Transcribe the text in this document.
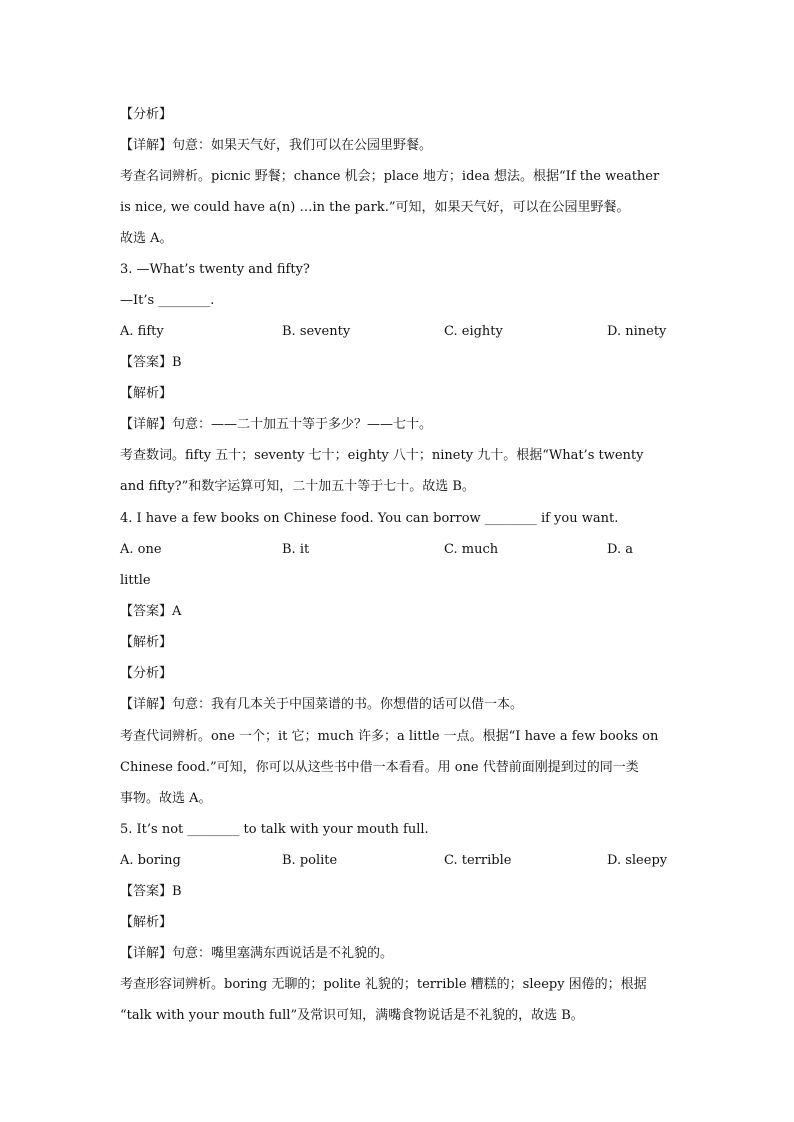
【分析】
【详解】句意：如果天气好，我们可以在公园里野餐。
考查名词辨析。picnic 野餐；chance 机会；place 地方；idea 想法。根据“If the weather
is nice, we could have a(n) …in the park.”可知，如果天气好，可以在公园里野餐。
故选 A。
3. —What’s twenty and fifty?
—It’s ________.
A. fifty	B. seventy	C. eighty	D. ninety
【答案】B
【解析】
【详解】句意：——二十加五十等于多少？——七十。
考查数词。fifty 五十；seventy 七十；eighty 八十；ninety 九十。根据“What’s twenty
and fifty?”和数字运算可知，二十加五十等于七十。故选 B。
4. I have a few books on Chinese food. You can borrow ________ if you want.
A. one	B. it	C. much	D. a
little
【答案】A
【解析】
【分析】
【详解】句意：我有几本关于中国菜谱的书。你想借的话可以借一本。
考查代词辨析。one 一个；it 它；much 许多；a little 一点。根据“I have a few books on
Chinese food.”可知，你可以从这些书中借一本看看。用 one 代替前面刚提到过的同一类
事物。故选 A。
5. It’s not ________ to talk with your mouth full.
A. boring	B. polite	C. terrible	D. sleepy
【答案】B
【解析】
【详解】句意：嘴里塞满东西说话是不礼貌的。
考查形容词辨析。boring 无聊的；polite 礼貌的；terrible 糟糕的；sleepy 困倦的；根据
“talk with your mouth full”及常识可知，满嘴食物说话是不礼貌的，故选 B。
